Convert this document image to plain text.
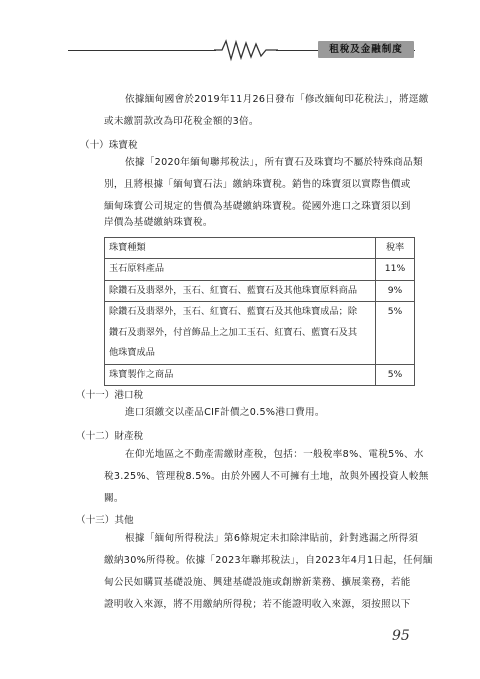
租稅及金融制度
依據緬甸國會於2019年11月26日發布「修改緬甸印花稅法」，將逕繳
或未繳罰款改為印花稅金額的3倍。
（十）珠寶稅
依據「2020年緬甸聯邦稅法」，所有寶石及珠寶均不屬於特殊商品類
別，且將根據「緬甸寶石法」繳納珠寶稅。銷售的珠寶須以實際售價或
緬甸珠寶公司規定的售價為基礎繳納珠寶稅。從國外進口之珠寶須以到
岸價為基礎繳納珠寶稅。
珠寶種類	稅率
玉石原料產品	11%
除鑽石及翡翠外，玉石、紅寶石、藍寶石及其他珠寶原料商品	9%

除鑽石及翡翠外，玉石、紅寶石、藍寶石及其他珠寶成品；除
鑽石及翡翠外，付首飾品上之加工玉石、紅寶石、藍寶石及其
他珠寶成品	5%
珠寶製作之商品	5%
（十一）港口稅
進口須繳交以產品CIF計價之0.5%港口費用。
（十二）財產稅
在仰光地區之不動產需繳財產稅，包括：一般稅率8%、電稅5%、水
稅3.25%、管理稅8.5%。由於外國人不可擁有土地，故與外國投資人較無
關。
（十三）其他
根據「緬甸所得稅法」第6條規定未扣除津貼前，針對逃漏之所得須
繳納30%所得稅。依據「2023年聯邦稅法」，自2023年4月1日起，任何緬
甸公民如購買基礎設施、興建基礎設施或創辦新業務、擴展業務，若能
證明收入來源，將不用繳納所得稅；若不能證明收入來源，須按照以下
95
